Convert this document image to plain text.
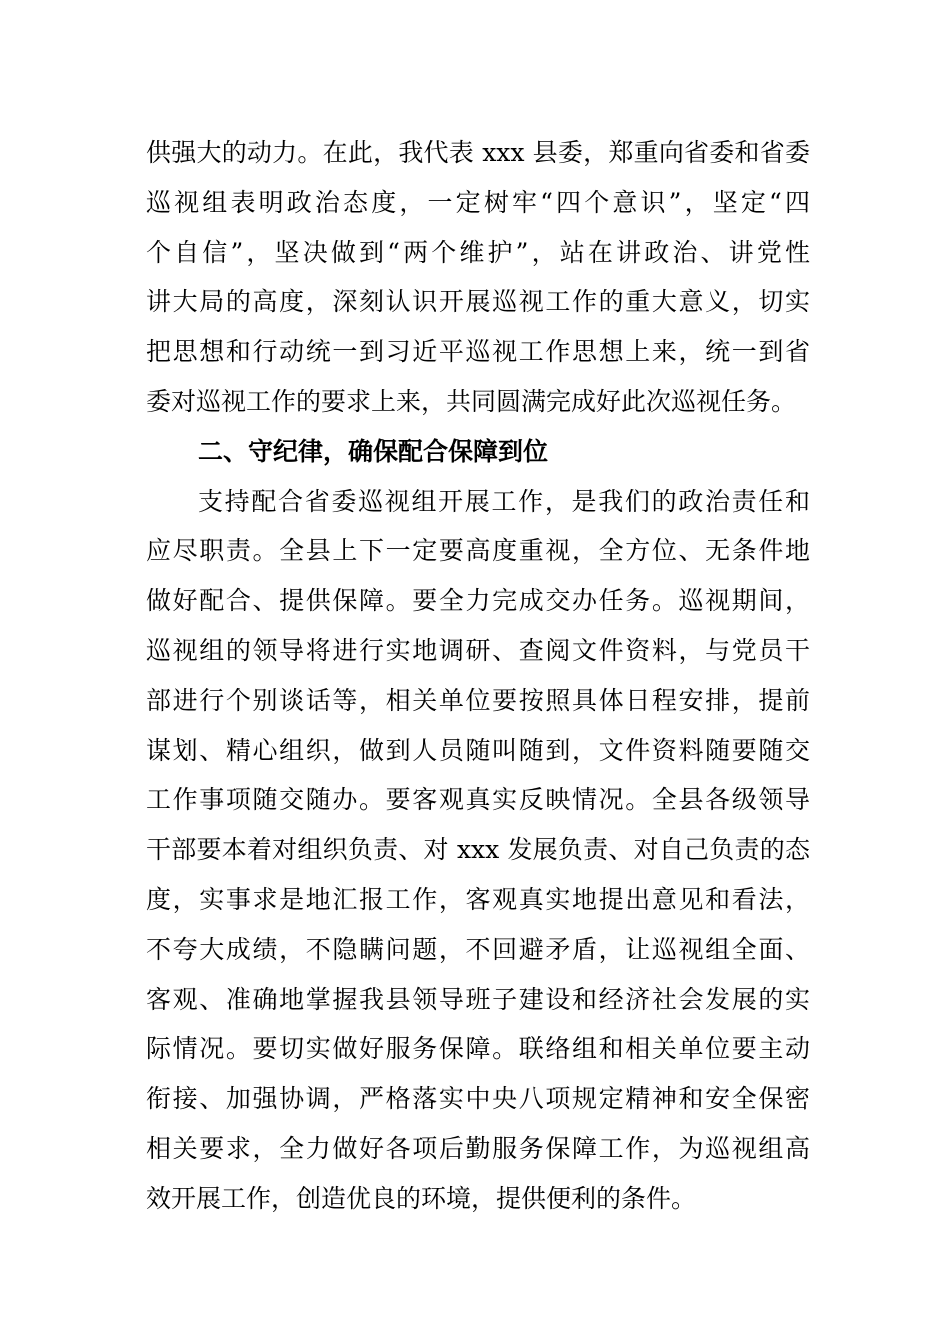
供强大的动力。在此，我代表 xxx 县委，郑重向省委和省委
巡视组表明政治态度，一定树牢“四个意识”，坚定“四
个自信”，坚决做到“两个维护”，站在讲政治、讲党性
讲大局的高度，深刻认识开展巡视工作的重大意义，切实
把思想和行动统一到习近平巡视工作思想上来，统一到省
委对巡视工作的要求上来，共同圆满完成好此次巡视任务。
二、守纪律，确保配合保障到位
支持配合省委巡视组开展工作，是我们的政治责任和
应尽职责。全县上下一定要高度重视，全方位、无条件地
做好配合、提供保障。要全力完成交办任务。巡视期间，
巡视组的领导将进行实地调研、查阅文件资料，与党员干
部进行个别谈话等，相关单位要按照具体日程安排，提前
谋划、精心组织，做到人员随叫随到，文件资料随要随交
工作事项随交随办。要客观真实反映情况。全县各级领导
干部要本着对组织负责、对 xxx 发展负责、对自己负责的态
度，实事求是地汇报工作，客观真实地提出意见和看法，
不夸大成绩，不隐瞒问题，不回避矛盾，让巡视组全面、
客观、准确地掌握我县领导班子建设和经济社会发展的实
际情况。要切实做好服务保障。联络组和相关单位要主动
衔接、加强协调，严格落实中央八项规定精神和安全保密
相关要求，全力做好各项后勤服务保障工作，为巡视组高
效开展工作，创造优良的环境，提供便利的条件。
